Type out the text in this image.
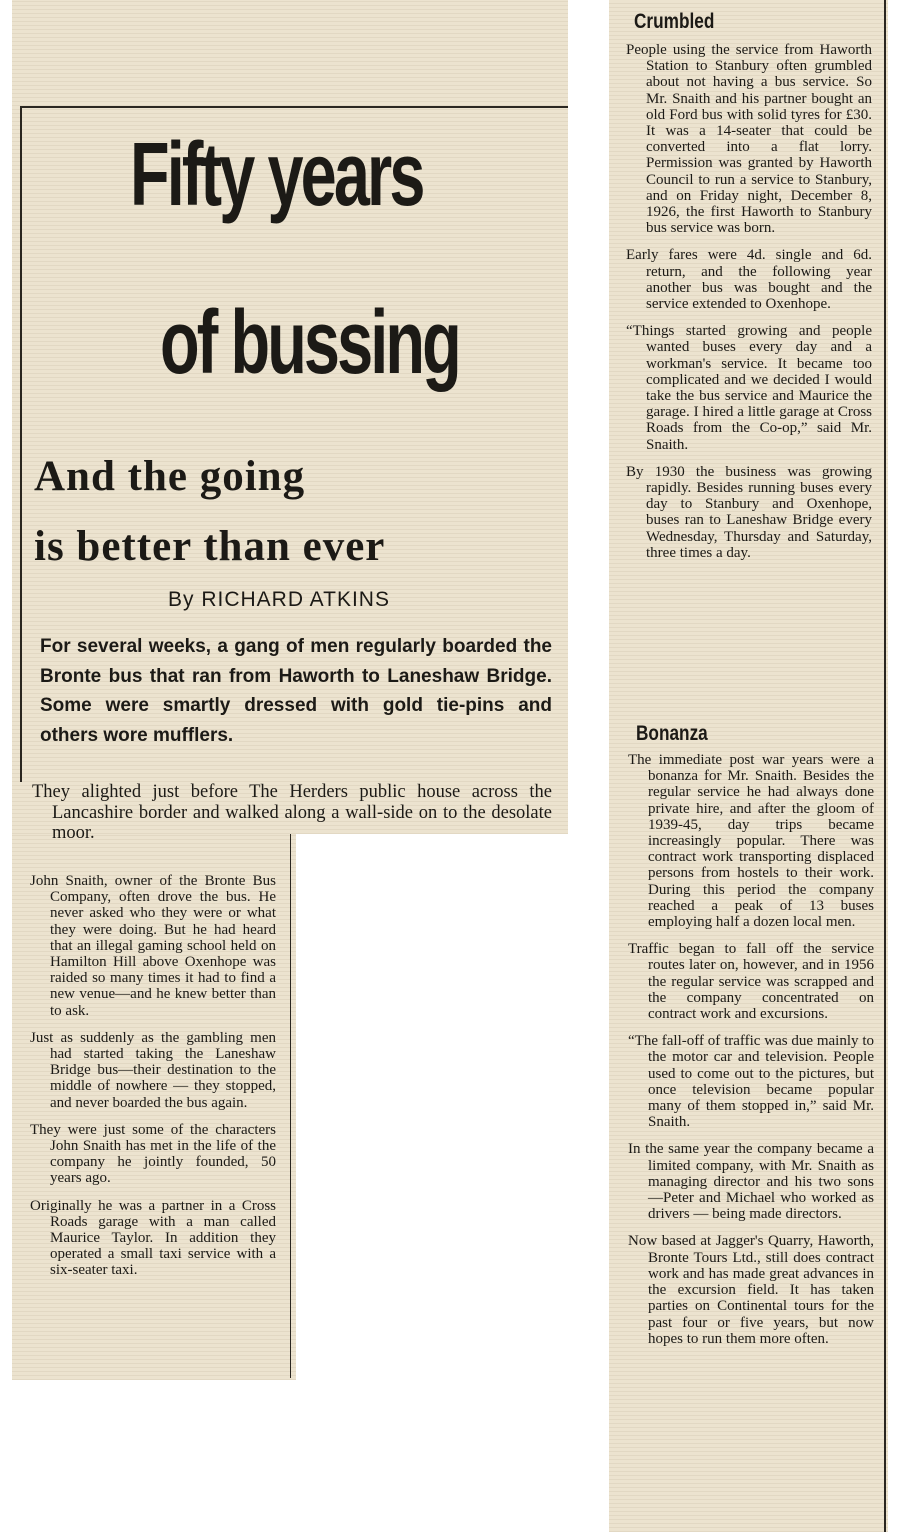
Fifty years
of bussing
And the going
is better than ever
By RICHARD ATKINS

For several weeks, a gang of men regularly boarded the Bronte bus that ran from Haworth to Laneshaw Bridge. Some were smartly dressed with gold tie-pins and others wore mufflers.

They alighted just before The Herders public house across the Lancashire border and walked along a wall-side on to the desolate moor.

John Snaith, owner of the Bronte Bus Company, often drove the bus. He never asked who they were or what they were doing. But he had heard that an illegal gaming school held on Hamilton Hill above Oxenhope was raided so many times it had to find a new venue—and he knew better than to ask.

Just as suddenly as the gambling men had started taking the Laneshaw Bridge bus—their destination to the middle of nowhere — they stopped, and never boarded the bus again.

They were just some of the characters John Snaith has met in the life of the company he jointly founded, 50 years ago.

Originally he was a partner in a Cross Roads garage with a man called Maurice Taylor. In addition they operated a small taxi service with a six-seater taxi.

Crumbled

People using the service from Haworth Station to Stanbury often grumbled about not having a bus service. So Mr. Snaith and his partner bought an old Ford bus with solid tyres for £30. It was a 14-seater that could be converted into a flat lorry. Permission was granted by Haworth Council to run a service to Stanbury, and on Friday night, December 8, 1926, the first Haworth to Stanbury bus service was born.

Early fares were 4d. single and 6d. return, and the following year another bus was bought and the service extended to Oxenhope.

“Things started growing and people wanted buses every day and a workman's service. It became too complicated and we decided I would take the bus service and Maurice the garage. I hired a little garage at Cross Roads from the Co-op,” said Mr. Snaith.

By 1930 the business was growing rapidly. Besides running buses every day to Stanbury and Oxenhope, buses ran to Laneshaw Bridge every Wednesday, Thursday and Saturday, three times a day.

Bonanza

The immediate post war years were a bonanza for Mr. Snaith. Besides the regular service he had always done private hire, and after the gloom of 1939-45, day trips became increasingly popular. There was contract work transporting displaced persons from hostels to their work. During this period the company reached a peak of 13 buses employing half a dozen local men.

Traffic began to fall off the service routes later on, however, and in 1956 the regular service was scrapped and the company concentrated on contract work and excursions.

“The fall-off of traffic was due mainly to the motor car and television. People used to come out to the pictures, but once television became popular many of them stopped in,” said Mr. Snaith.

In the same year the company became a limited company, with Mr. Snaith as managing director and his two sons—Peter and Michael who worked as drivers — being made directors.

Now based at Jagger's Quarry, Haworth, Bronte Tours Ltd., still does contract work and has made great advances in the excursion field. It has taken parties on Continental tours for the past four or five years, but now hopes to run them more often.
